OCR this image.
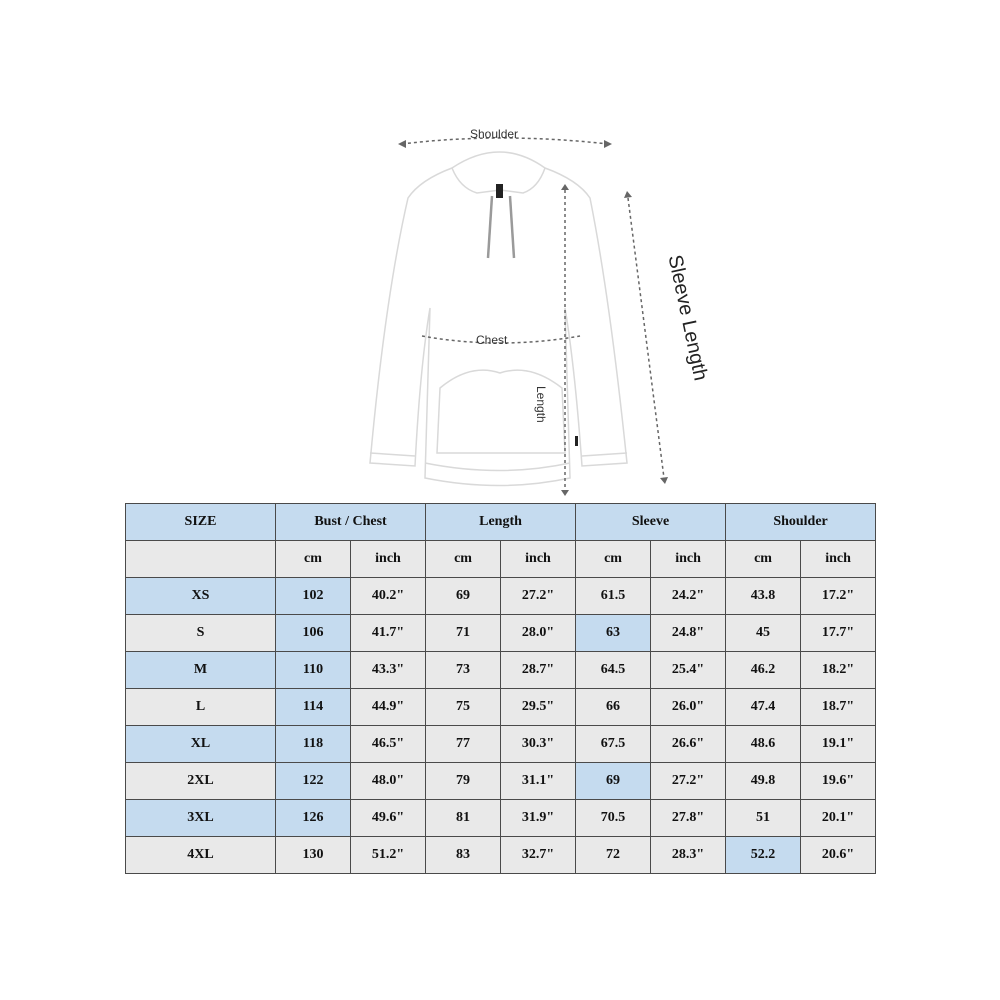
Shoulder
Chest
Length
Sleeve Length
SIZE	Bust / Chest		Length		Sleeve		Shoulder	
	cm	inch	cm	inch	cm	inch	cm	inch
XS	102	40.2"	69	27.2"	61.5	24.2"	43.8	17.2"
S	106	41.7"	71	28.0"	63	24.8"	45	17.7"
M	110	43.3"	73	28.7"	64.5	25.4"	46.2	18.2"
L	114	44.9"	75	29.5"	66	26.0"	47.4	18.7"
XL	118	46.5"	77	30.3"	67.5	26.6"	48.6	19.1"
2XL	122	48.0"	79	31.1"	69	27.2"	49.8	19.6"
3XL	126	49.6"	81	31.9"	70.5	27.8"	51	20.1"
4XL	130	51.2"	83	32.7"	72	28.3"	52.2	20.6"
